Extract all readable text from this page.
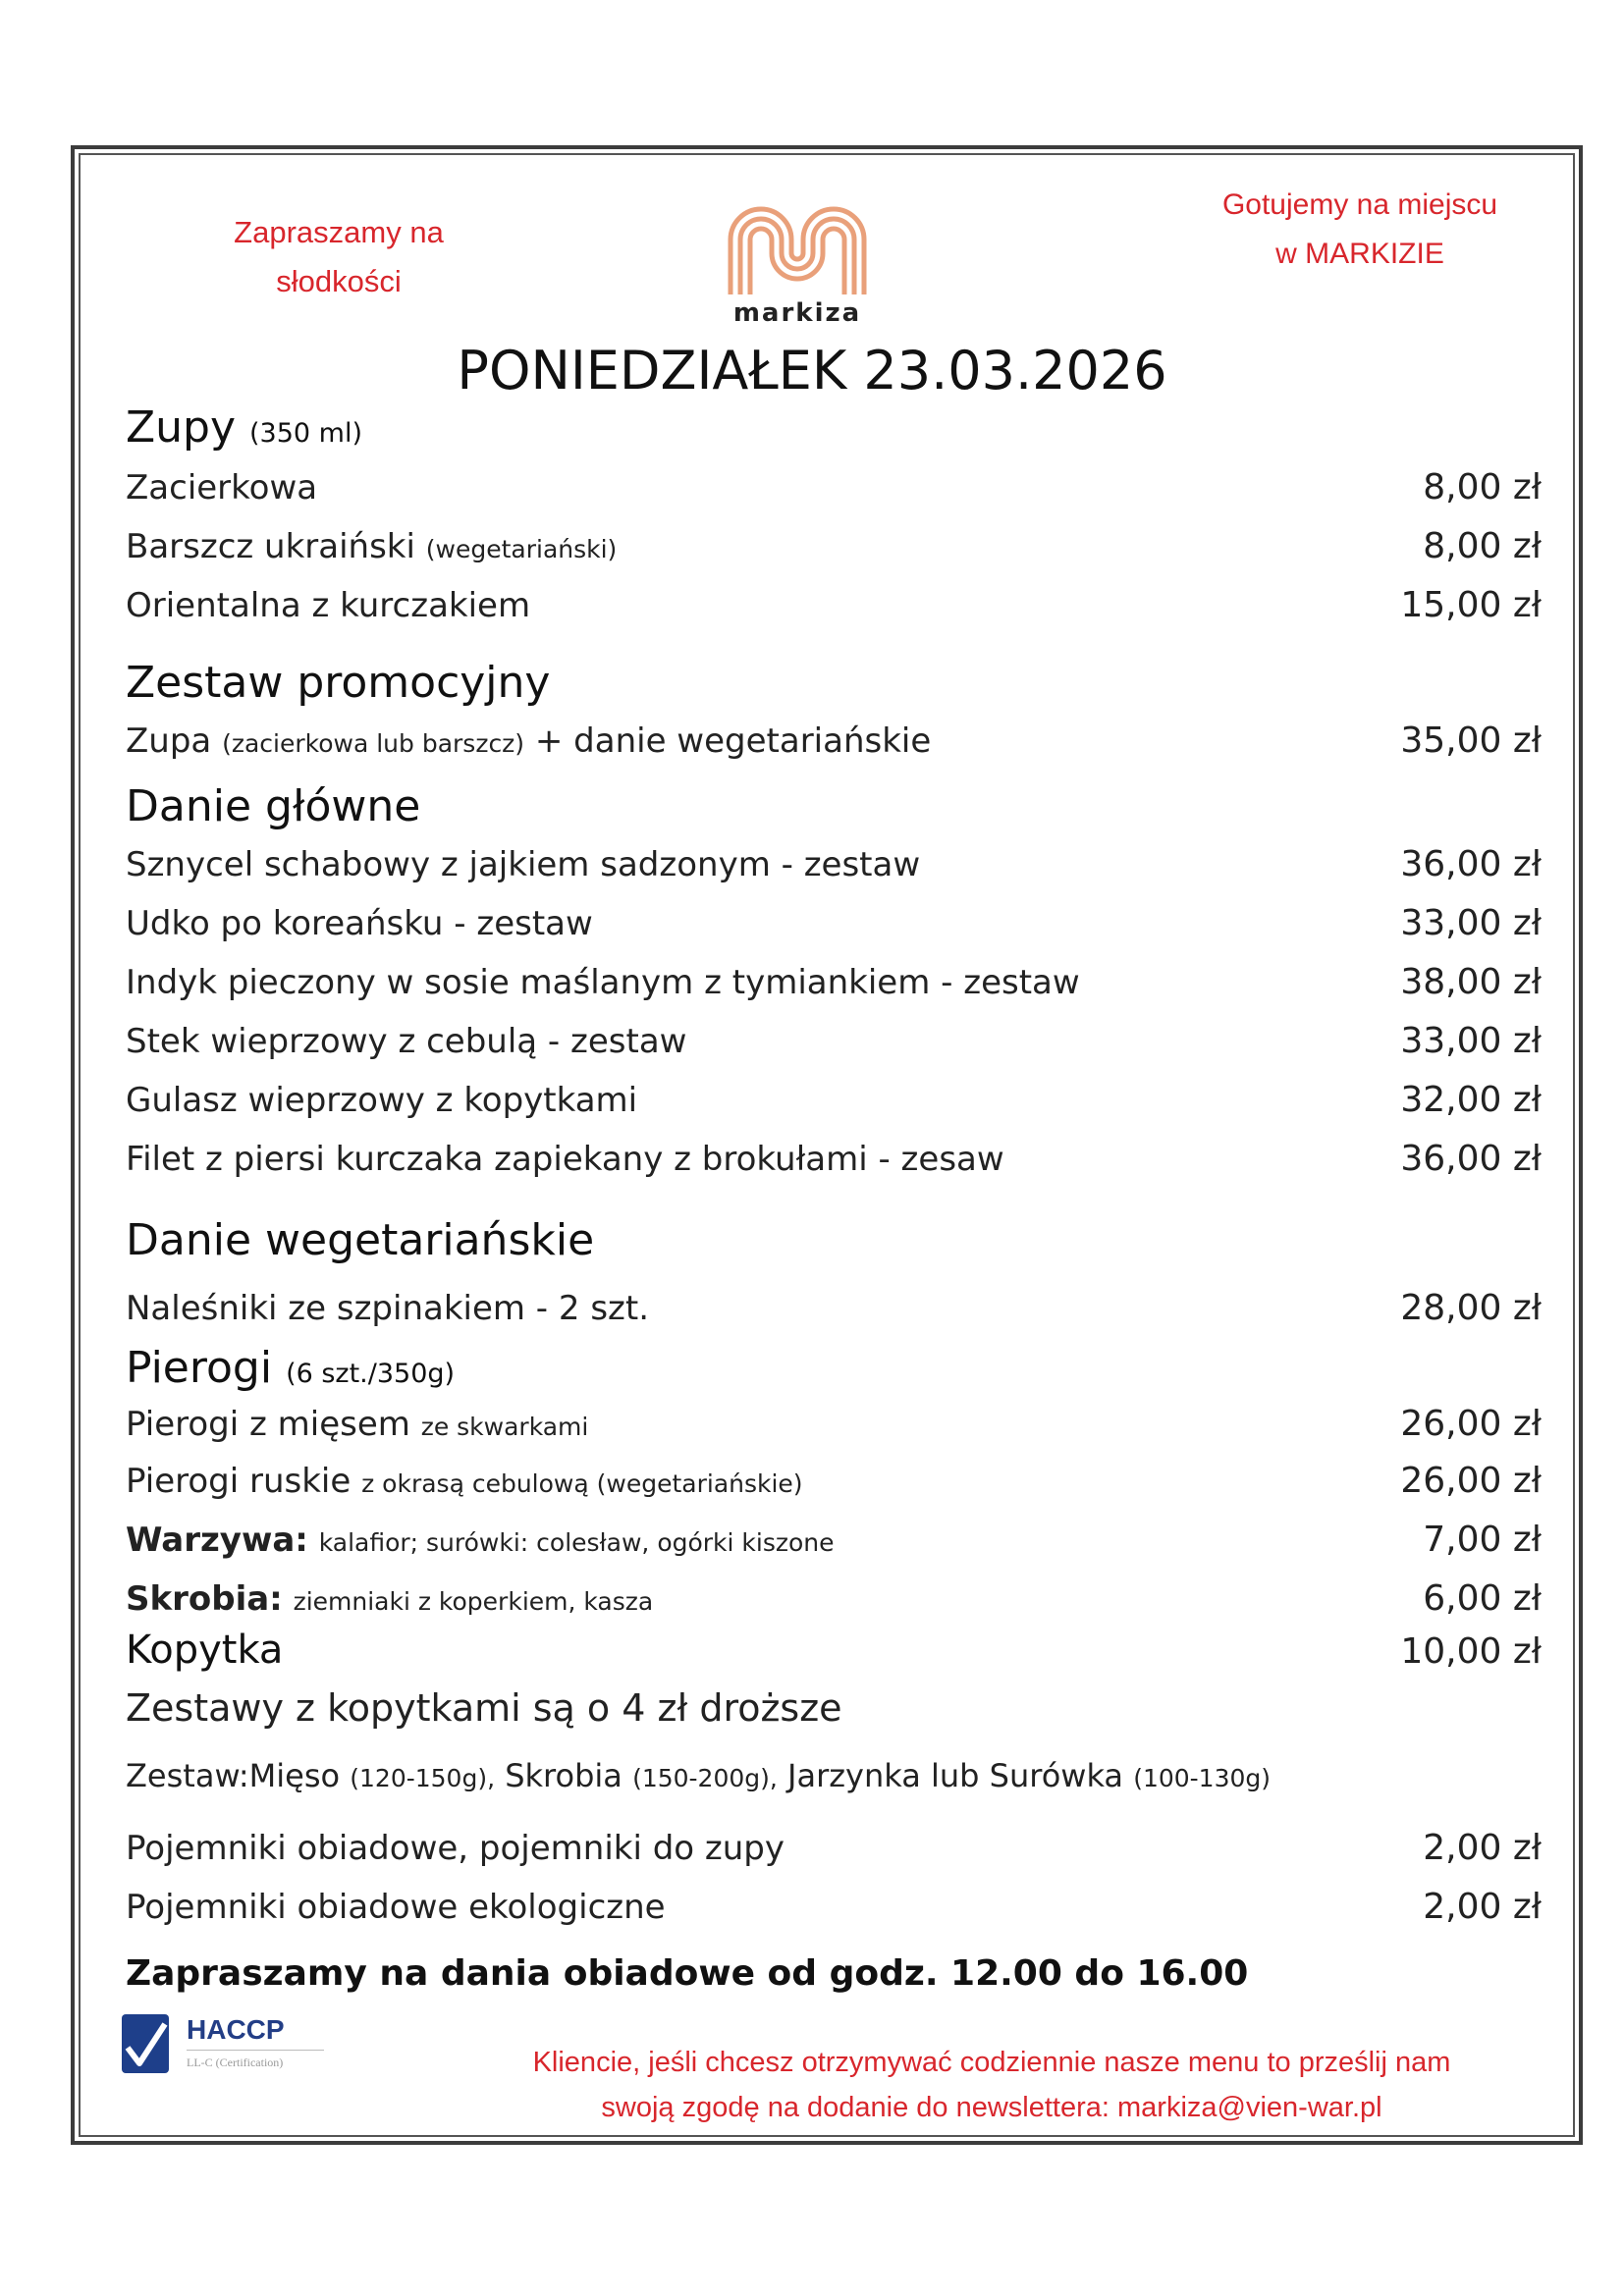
Zapraszamy na
słodkości
Gotujemy na miejscu
w MARKIZIE
markiza
PONIEDZIAŁEK 23.03.2026
Zupy (350 ml)
Zacierkowa	8,00 zł
Barszcz ukraiński (wegetariański)	8,00 zł
Orientalna z kurczakiem	15,00 zł
Zestaw promocyjny
Zupa (zacierkowa lub barszcz) + danie wegetariańskie	35,00 zł
Danie główne
Sznycel schabowy z jajkiem sadzonym - zestaw	36,00 zł
Udko po koreańsku - zestaw	33,00 zł
Indyk pieczony w sosie maślanym z tymiankiem - zestaw	38,00 zł
Stek wieprzowy z cebulą - zestaw	33,00 zł
Gulasz wieprzowy z kopytkami	32,00 zł
Filet z piersi kurczaka zapiekany z brokułami - zesaw	36,00 zł
Danie wegetariańskie
Naleśniki ze szpinakiem - 2 szt.	28,00 zł
Pierogi (6 szt./350g)
Pierogi z mięsem ze skwarkami	26,00 zł
Pierogi ruskie z okrasą cebulową (wegetariańskie)	26,00 zł
Warzywa: kalafior; surówki: colesław, ogórki kiszone	7,00 zł
Skrobia: ziemniaki z koperkiem, kasza	6,00 zł
Kopytka	10,00 zł
Zestawy z kopytkami są o 4 zł droższe
Zestaw:Mięso (120-150g), Skrobia (150-200g), Jarzynka lub Surówka (100-130g)
Pojemniki obiadowe, pojemniki do zupy	2,00 zł
Pojemniki obiadowe ekologiczne	2,00 zł
Zapraszamy na dania obiadowe od godz. 12.00 do 16.00
HACCP
LL-C (Certification)	Kliencie, jeśli chcesz otrzymywać codziennie nasze menu to prześlij nam
swoją zgodę na dodanie do newslettera: markiza@vien-war.pl
